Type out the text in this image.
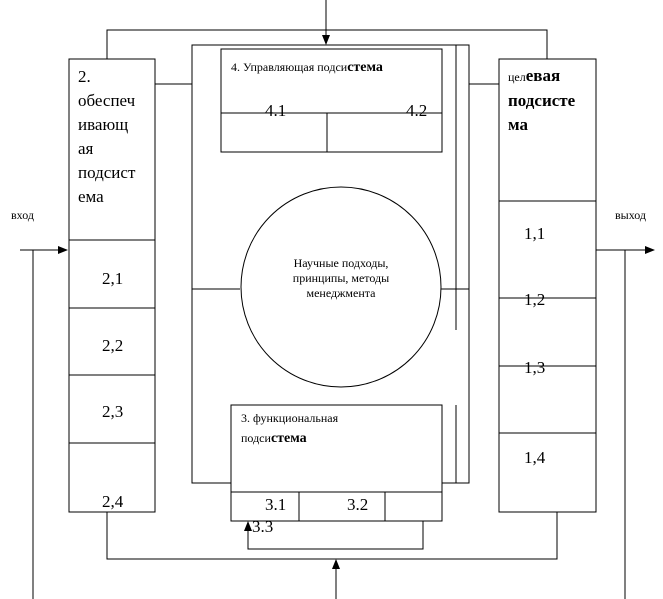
вход	выход
2.
обеспеч
ивающ
ая
подсист
ема
2,1
2,2
2,3
2,4
целевая
подсисте
ма
1,1
1,2
1,3
1,4
4. Управляющая подсистема
4.1	4.2
Научные подходы,
принципы, методы
менеджмента
3. функциональная
подсистема
3.1	3.2
3.3
